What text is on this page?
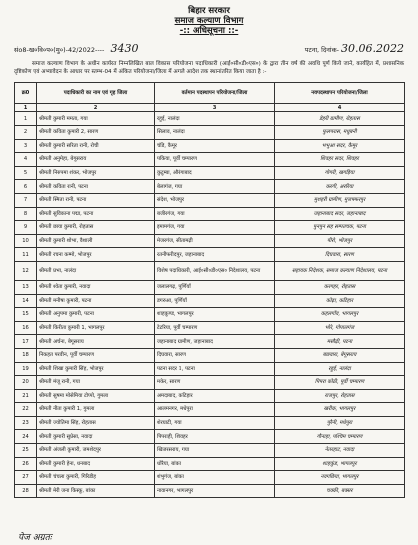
बिहार सरकार
समाज कल्याण विभाग
-:: अधिसूचना ::-
संo8-ख०वि०प०(मु०)-42/2022---- 3430	पटना, दिनांक- 30.06.2022
समाज कल्याण विभाग के अधीन कार्यरत निम्नलिखित बाल विकास परियोजना पदाधिकारी (आई०सी०डी०एस०) के द्वारा तीन वर्ष की अवधि पूर्ण किये जाने, कार्यहित में, प्रशासनिक दृष्टिकोण एवं अभ्यावेदन के आधार पर स्तम्भ-04 में अंकित परियोजना/जिला में अगले आदेश तक स्थानांतरित किया जाता है :-
क्र0	पदाधिकारी का नाम एवं गृह जिला	वर्तमान पदस्थापन परियोजना/जिला	नवपदस्थापन परियोजना/जिला
1	2	3	4
1	श्रीमती कुमारी ममता, गया	रहुई, नालंदा	डेहरी ग्रामीण, रोहतास
2	श्रीमती कविता कुमारी 2, सारण	सिलाव, नालंदा	फुलपरास, मधुबनी
3	श्रीमती कुमारी सरिता रानी, रोची	चंडि, कैमूर	भभुआ सदर, कैमूर
4	श्रीमती अनुमेहा, बेगूसराय	पकिया, पूर्वी चम्पारण	शिवहर सदर, शिवहर
5	श्रीमती निरुपमा शंकर, भोजपुर	कुटुम्बा, औरंगाबाद	गोगरी, खगड़िया
6	श्रीमती कविता रानी, पटना	बेलागंज, गया	करगी, अररिया
7	श्रीमती स्मिता रानी, पटना	संदेश, भोजपुर	मुशहरी ग्रामीण, मुजफ्फरपुर
8	श्रीमती सुविकाना पद्मा, पटना	बजीरगंज, गया	जहानाबाद सदर, जहानाबाद
9	श्रीमती छाया कुमारी, रोहतास	इमामगंज, गया	पुनपुन सह सम्पतचक, पटना
10	श्रीमती कुमारी शोभा, वैशाली	मेजरगंज, सीतामढ़ी	पीरो, भोजपुर
11	श्रीमती रचना कम्मो, भोजपुर	रतनीफरीदपुर, जहानाबाद	दिघवारा, सारण
12	श्रीमती प्रभा, नालंदा	विशेष पदाधिकारी, आई०सी०डी०एस० निदेशालय, पटना	सहायक निदेशक, समाज कल्याण निदेशालय, पटना
13	श्रीमती श्वेता कुमारी, नवादा	जलालगढ़, पूर्णियाँ	करगहर, रोहतास
14	श्रीमती मनीषा कुमारी, पटना	डगरुआ, पूर्णियाँ	कोढ़ा, कटिहार
15	श्रीमती अनुपमा कुमारी, पटना	शाहकुण्ड, भागलपुर	कहलगाँव, भागलपुर
16	श्रीमती किरीता कुमारी 1, भागलपुर	टेटरिया, पूर्वी चम्पारण	भोरे, गोपालगंज
17	श्रीमती अर्चना, बेगूसराय	जहानाबाद ग्रामीण, जहानाबाद	मसौढ़ी, पटना
18	निकहत परवीन, पूर्वी चम्पारण	दिघवारा, सारण	बछवारा, बेगूसराय
19	श्रीमती शिखा कुमारी सिंह, भोजपुर	पटना सदर 1, पटना	रहुई, नालंदा
20	श्रीमती मंजू रानी, गया	मकेर, सारण	पिपरा कोठी, पूर्वी चम्पारण
21	श्रीमती सुषमा मोसेमिया टोप्पो, गुमला	अमदाबाद, कटिहार	राजपुर, रोहतास
22	श्रीमती नीता कुमारी 1, गुमला	आलमनगर, मधेपुरा	खरीक, भागलपुर
23	श्रीमती ज्योतिमा सिंह, रोहतास	शेरघाटी, गया	पुरैनी, मधेपुरा
24	श्रीमती कुमारी सुप्रेसा, नवादा	पिपराही, शिवहर	गौनाहा, पश्चिम चम्पारण
25	श्रीमती अंजली कुमारी, जमशेदपुर	खिजरसराय, गया	नेतरहाट, नवादा
26	श्रीमती कुमारी हेना, धनबाद	धोरैया, बांका	शाहकुंड, भागलपुर
27	श्रीमती चंचला कुमारी, गिरिडीह	शंभुगंज, बांका	नवगछिया, भागलपुर
28	श्रीमती मेरी जना किस्कू, बांका	नावानगर, भागलपुर	चक्की, बक्सर
पेज अग्रतः
